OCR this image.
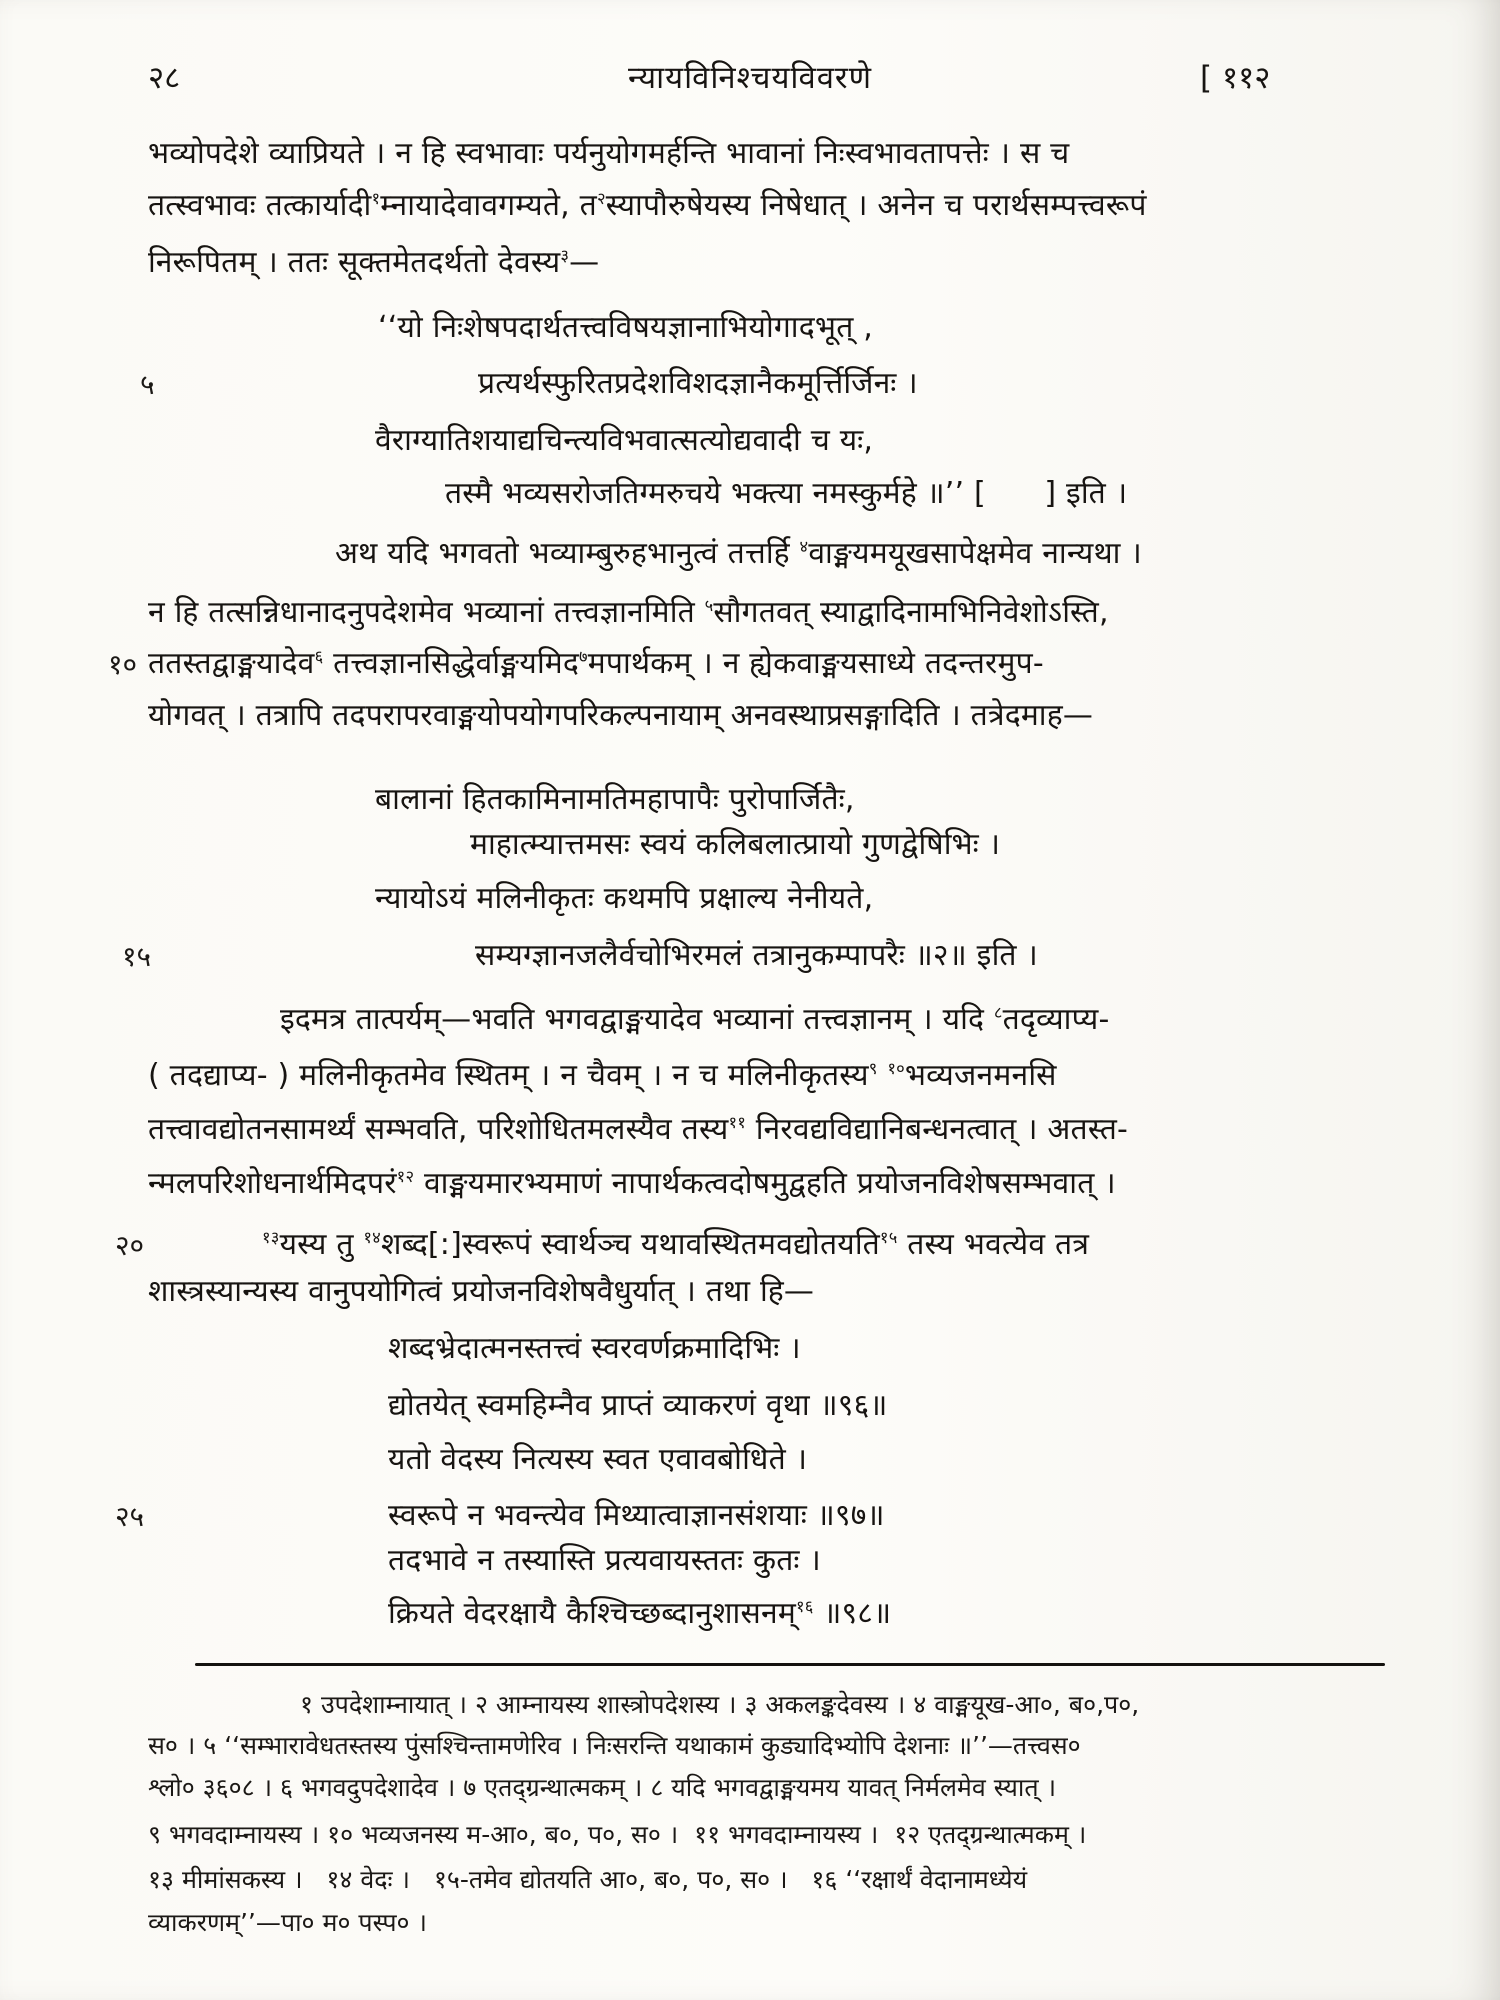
२८	न्यायविनिश्चयविवरणे	[ ११२
भव्योपदेशे व्याप्रियते । न हि स्वभावाः पर्यनुयोगमर्हन्ति भावानां निःस्वभावतापत्तेः । स च
तत्स्वभावः तत्कार्यादी$^१$म्नायादेवावगम्यते, त$^२$स्यापौरुषेयस्य निषेधात् । अनेन च परार्थसम्पत्त्वरूपं
निरूपितम् । ततः सूक्तमेतदर्थतो देवस्य$^३$—
‘‘यो निःशेषपदार्थतत्त्वविषयज्ञानाभियोगादभूत् ,
प्रत्यर्थस्फुरितप्रदेशविशदज्ञानैकमूर्त्तिर्जिनः ।
वैराग्यातिशयाद्यचिन्त्यविभवात्सत्योद्यवादी च यः,
तस्मै भव्यसरोजतिग्मरुचये भक्त्या नमस्कुर्महे ॥’’ [      ] इति ।
अथ यदि भगवतो भव्याम्बुरुहभानुत्वं तत्तर्हि $^४$वाङ्मयमयूखसापेक्षमेव नान्यथा ।
न हि तत्सन्निधानादनुपदेशमेव भव्यानां तत्त्वज्ञानमिति $^५$सौगतवत् स्याद्वादिनामभिनिवेशोऽस्ति,
ततस्तद्वाङ्मयादेव$^६$ तत्त्वज्ञानसिद्धेर्वाङ्मयमिद$^७$मपार्थकम् । न ह्येकवाङ्मयसाध्ये तदन्तरमुप-
योगवत् । तत्रापि तदपरापरवाङ्मयोपयोगपरिकल्पनायाम् अनवस्थाप्रसङ्गादिति । तत्रेदमाह—
बालानां हितकामिनामतिमहापापैः पुरोपार्जितैः,
माहात्म्यात्तमसः स्वयं कलिबलात्प्रायो गुणद्वेषिभिः ।
न्यायोऽयं मलिनीकृतः कथमपि प्रक्षाल्य नेनीयते,
सम्यग्ज्ञानजलैर्वचोभिरमलं तत्रानुकम्पापरैः ॥२॥ इति ।
इदमत्र तात्पर्यम्—भवति भगवद्वाङ्मयादेव भव्यानां तत्त्वज्ञानम् । यदि $^८$तदृव्याप्य-
( तदद्याप्य- ) मलिनीकृतमेव स्थितम् । न चैवम् । न च मलिनीकृतस्य$^९$ $^{१०}$भव्यजनमनसि
तत्त्वावद्योतनसामर्थ्यं सम्भवति, परिशोधितमलस्यैव तस्य$^{११}$ निरवद्यविद्यानिबन्धनत्वात् । अतस्त-
न्मलपरिशोधनार्थमिदपरं$^{१२}$ वाङ्मयमारभ्यमाणं नापार्थकत्वदोषमुद्वहति प्रयोजनविशेषसम्भवात् ।
$^{१३}$यस्य तु $^{१४}$शब्द[:]स्वरूपं स्वार्थञ्च यथावस्थितमवद्योतयति$^{१५}$ तस्य भवत्येव तत्र
शास्त्रस्यान्यस्य वानुपयोगित्वं प्रयोजनविशेषवैधुर्यात् । तथा हि—
शब्दभ्रेदात्मनस्तत्त्वं स्वरवर्णक्रमादिभिः ।
द्योतयेत् स्वमहिम्नैव प्राप्तं व्याकरणं वृथा ॥९६॥
यतो वेदस्य नित्यस्य स्वत एवावबोधिते ।
स्वरूपे न भवन्त्येव मिथ्यात्वाज्ञानसंशयाः ॥९७॥
तदभावे न तस्यास्ति प्रत्यवायस्ततः कुतः ।
क्रियते वेदरक्षायै कैश्चिच्छब्दानुशासनम्$^{१६}$ ॥९८॥
५
१०
१५
२०
२५
१ उपदेशाम्नायात् । २ आम्नायस्य शास्त्रोपदेशस्य । ३ अकलङ्कदेवस्य । ४ वाङ्मयूख-आ०, ब०,प०,
स० । ५ ‘‘सम्भारावेधतस्तस्य पुंसश्चिन्तामणेरिव । निःसरन्ति यथाकामं कुड्यादिभ्योपि देशनाः ॥’’—तत्त्वस०
श्लो० ३६०८ । ६ भगवदुपदेशादेव । ७ एतद्ग्रन्थात्मकम् । ८ यदि भगवद्वाङ्मयमय यावत् निर्मलमेव स्यात् ।
९ भगवदाम्नायस्य । १० भव्यजनस्य म-आ०, ब०, प०, स० ।  ११ भगवदाम्नायस्य ।  १२ एतद्ग्रन्थात्मकम् ।
१३ मीमांसकस्य ।   १४ वेदः ।   १५-तमेव द्योतयति आ०, ब०, प०, स० ।   १६ ‘‘रक्षार्थं वेदानामध्येयं
व्याकरणम्’’—पा० म० पस्प० ।
